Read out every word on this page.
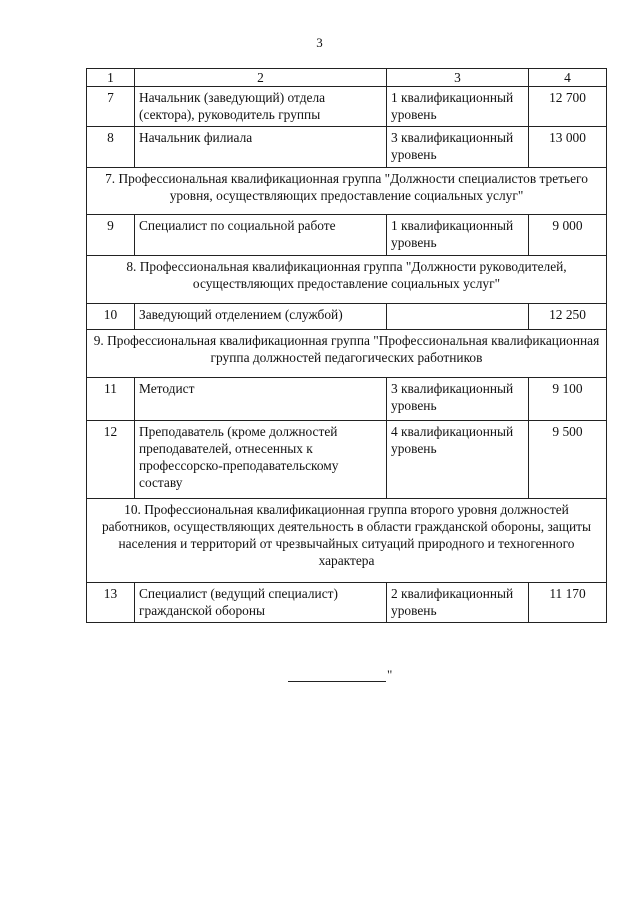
3
1	2	3	4
7	Начальник (заведующий) отдела (сектора), руководитель группы	1 квалификационный уровень	12 700
8	Начальник филиала	3 квалификационный уровень	13 000
7. Профессиональная квалификационная группа "Должности специалистов третьего уровня, осуществляющих предоставление социальных услуг"			
9	Специалист по социальной работе	1 квалификационный уровень	9 000
8. Профессиональная квалификационная группа "Должности руководителей, осуществляющих предоставление социальных услуг"			
10	Заведующий отделением (службой)		12 250
9. Профессиональная квалификационная группа "Профессиональная квалификационная группа должностей педагогических работников			
11	Методист	3 квалификационный уровень	9 100
12	Преподаватель (кроме должностей преподавателей, отнесенных к профессорско-преподавательскому составу	4 квалификационный уровень	9 500
10. Профессиональная квалификационная группа второго уровня должностей работников, осуществляющих деятельность в области гражданской обороны, защиты населения и территорий от чрезвычайных ситуаций природного и техногенного характера			
13	Специалист (ведущий специалист) гражданской обороны	2 квалификационный уровень	11 170
"
